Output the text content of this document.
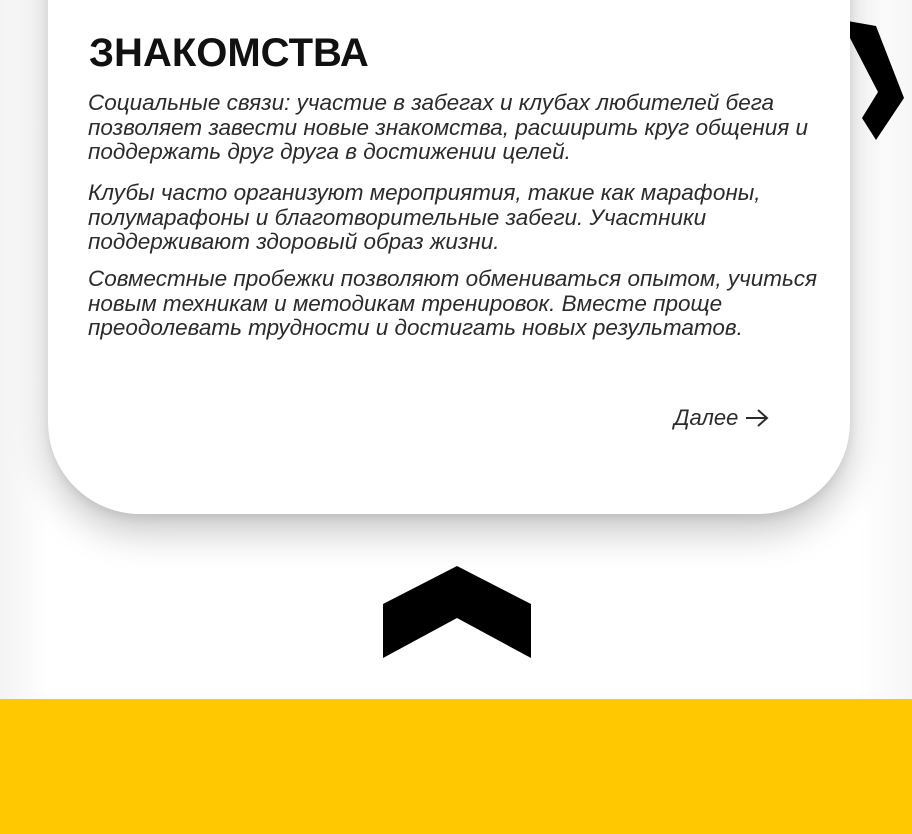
ЗНАКОМСТВА

Социальные связи: участие в забегах и клубах любителей бега позволяет завести новые знакомства, расширить круг общения и поддержать друг друга в достижении целей.

Клубы часто организуют мероприятия, такие как марафоны, полумарафоны и благотворительные забеги. Участники поддерживают здоровый образ жизни.

Совместные пробежки позволяют обмениваться опытом, учиться новым техникам и методикам тренировок. Вместе проще преодолевать трудности и достигать новых результатов.

Далее
